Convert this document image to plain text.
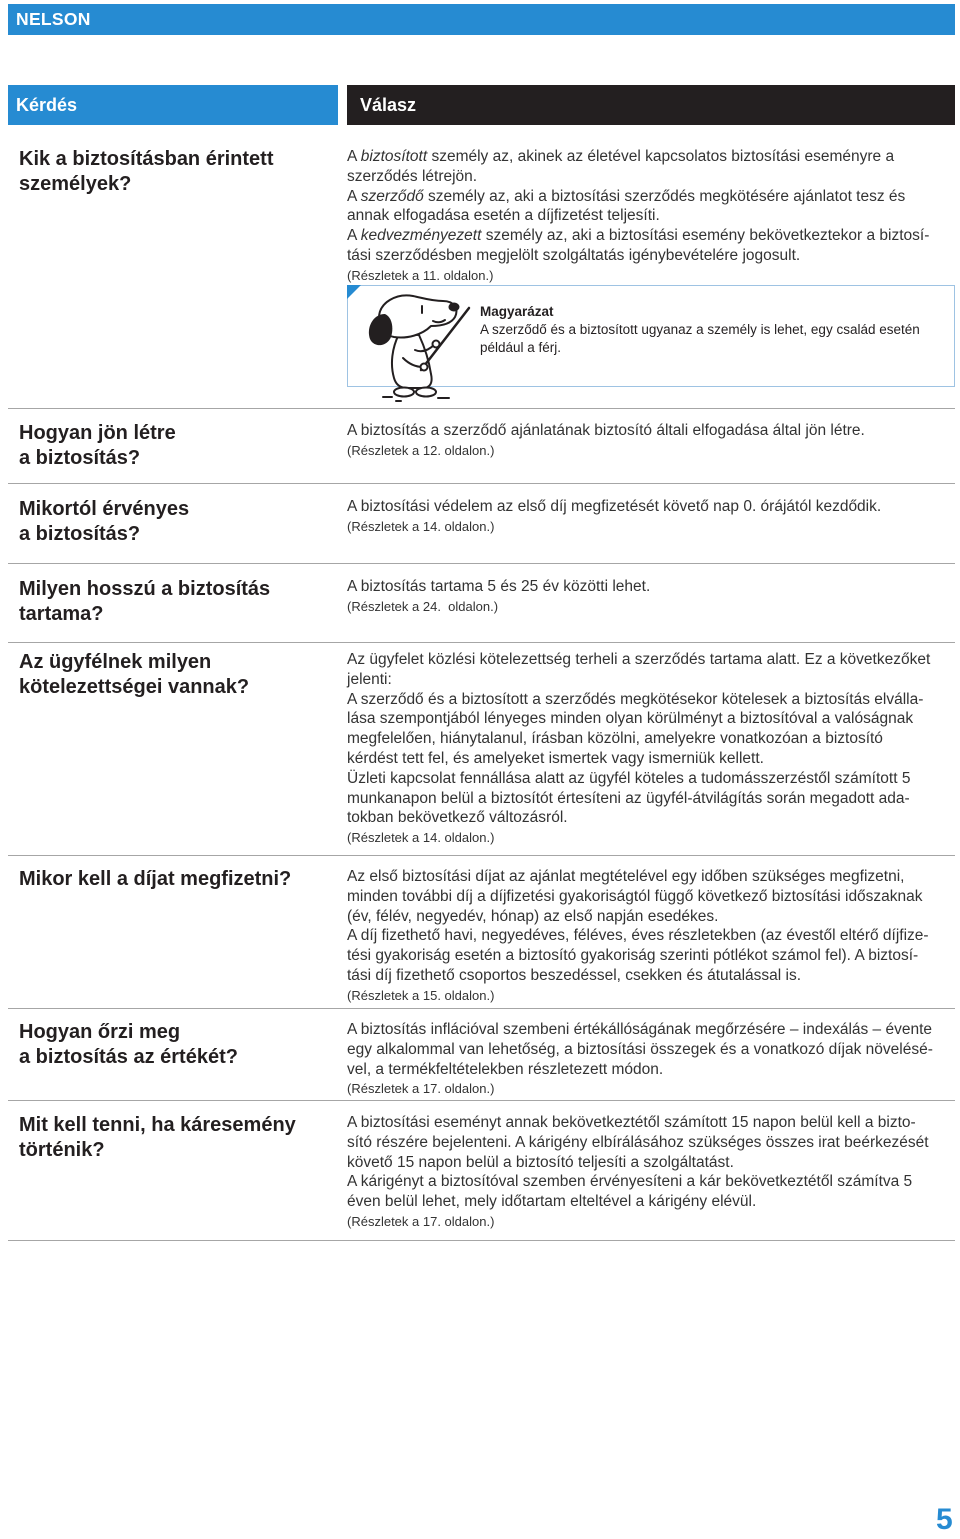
NELSON
Kérdés	Válasz
Kik a biztosításban érintett
személyek?
A biztosított személy az, akinek az életével kapcsolatos biztosítási eseményre a
szerződés létrejön.
A szerződő személy az, aki a biztosítási szerződés megkötésére ajánlatot tesz és
annak elfogadása esetén a díjfizetést teljesíti.
A kedvezményezett személy az, aki a biztosítási esemény bekövetkeztekor a biztosí-
tási szerződésben megjelölt szolgáltatás igénybevételére jogosult.
(Részletek a 11. oldalon.)
Hogyan jön létre
a biztosítás?
A biztosítás a szerződő ajánlatának biztosító általi elfogadása által jön létre.
(Részletek a 12. oldalon.)
Mikortól érvényes
a biztosítás?
A biztosítási védelem az első díj megfizetését követő nap 0. órájától kezdődik.
(Részletek a 14. oldalon.)
Milyen hosszú a biztosítás
tartama?
A biztosítás tartama 5 és 25 év közötti lehet.
(Részletek a 24.  oldalon.)
Az ügyfélnek milyen
kötelezettségei vannak?
Az ügyfelet közlési kötelezettség terheli a szerződés tartama alatt. Ez a következőket
jelenti:
A szerződő és a biztosított a szerződés megkötésekor kötelesek a biztosítás elválla-
lása szempontjából lényeges minden olyan körülményt a biztosítóval a valóságnak
megfelelően, hiánytalanul, írásban közölni, amelyekre vonatkozóan a biztosító
kérdést tett fel, és amelyeket ismertek vagy ismerniük kellett.
Üzleti kapcsolat fennállása alatt az ügyfél köteles a tudomásszerzéstől számított 5
munkanapon belül a biztosítót értesíteni az ügyfél-átvilágítás során megadott ada-
tokban bekövetkező változásról.
(Részletek a 14. oldalon.)
Mikor kell a díjat megfizetni?	Az első biztosítási díjat az ajánlat megtételével egy időben szükséges megfizetni,
minden további díj a díjfizetési gyakoriságtól függő következő biztosítási időszaknak
(év, félév, negyedév, hónap) az első napján esedékes.
A díj fizethető havi, negyedéves, féléves, éves részletekben (az évestől eltérő díjfize-
tési gyakoriság esetén a biztosító gyakoriság szerinti pótlékot számol fel). A biztosí-
tási díj fizethető csoportos beszedéssel, csekken és átutalással is.
(Részletek a 15. oldalon.)
Hogyan őrzi meg
a biztosítás az értékét?
A biztosítás inflációval szembeni értékállóságának megőrzésére – indexálás – évente
egy alkalommal van lehetőség, a biztosítási összegek és a vonatkozó díjak növelésé-
vel, a termékfeltételekben részletezett módon.
(Részletek a 17. oldalon.)
Mit kell tenni, ha káresemény
történik?
A biztosítási eseményt annak bekövetkeztétől számított 15 napon belül kell a bizto-
sító részére bejelenteni. A kárigény elbírálásához szükséges összes irat beérkezését
követő 15 napon belül a biztosító teljesíti a szolgáltatást.
A kárigényt a biztosítóval szemben érvényesíteni a kár bekövetkeztétől számítva 5
éven belül lehet, mely időtartam elteltével a kárigény elévül.
(Részletek a 17. oldalon.)
Magyarázat
A szerződő és a biztosított ugyanaz a személy is lehet, egy család esetén
például a férj.
5
